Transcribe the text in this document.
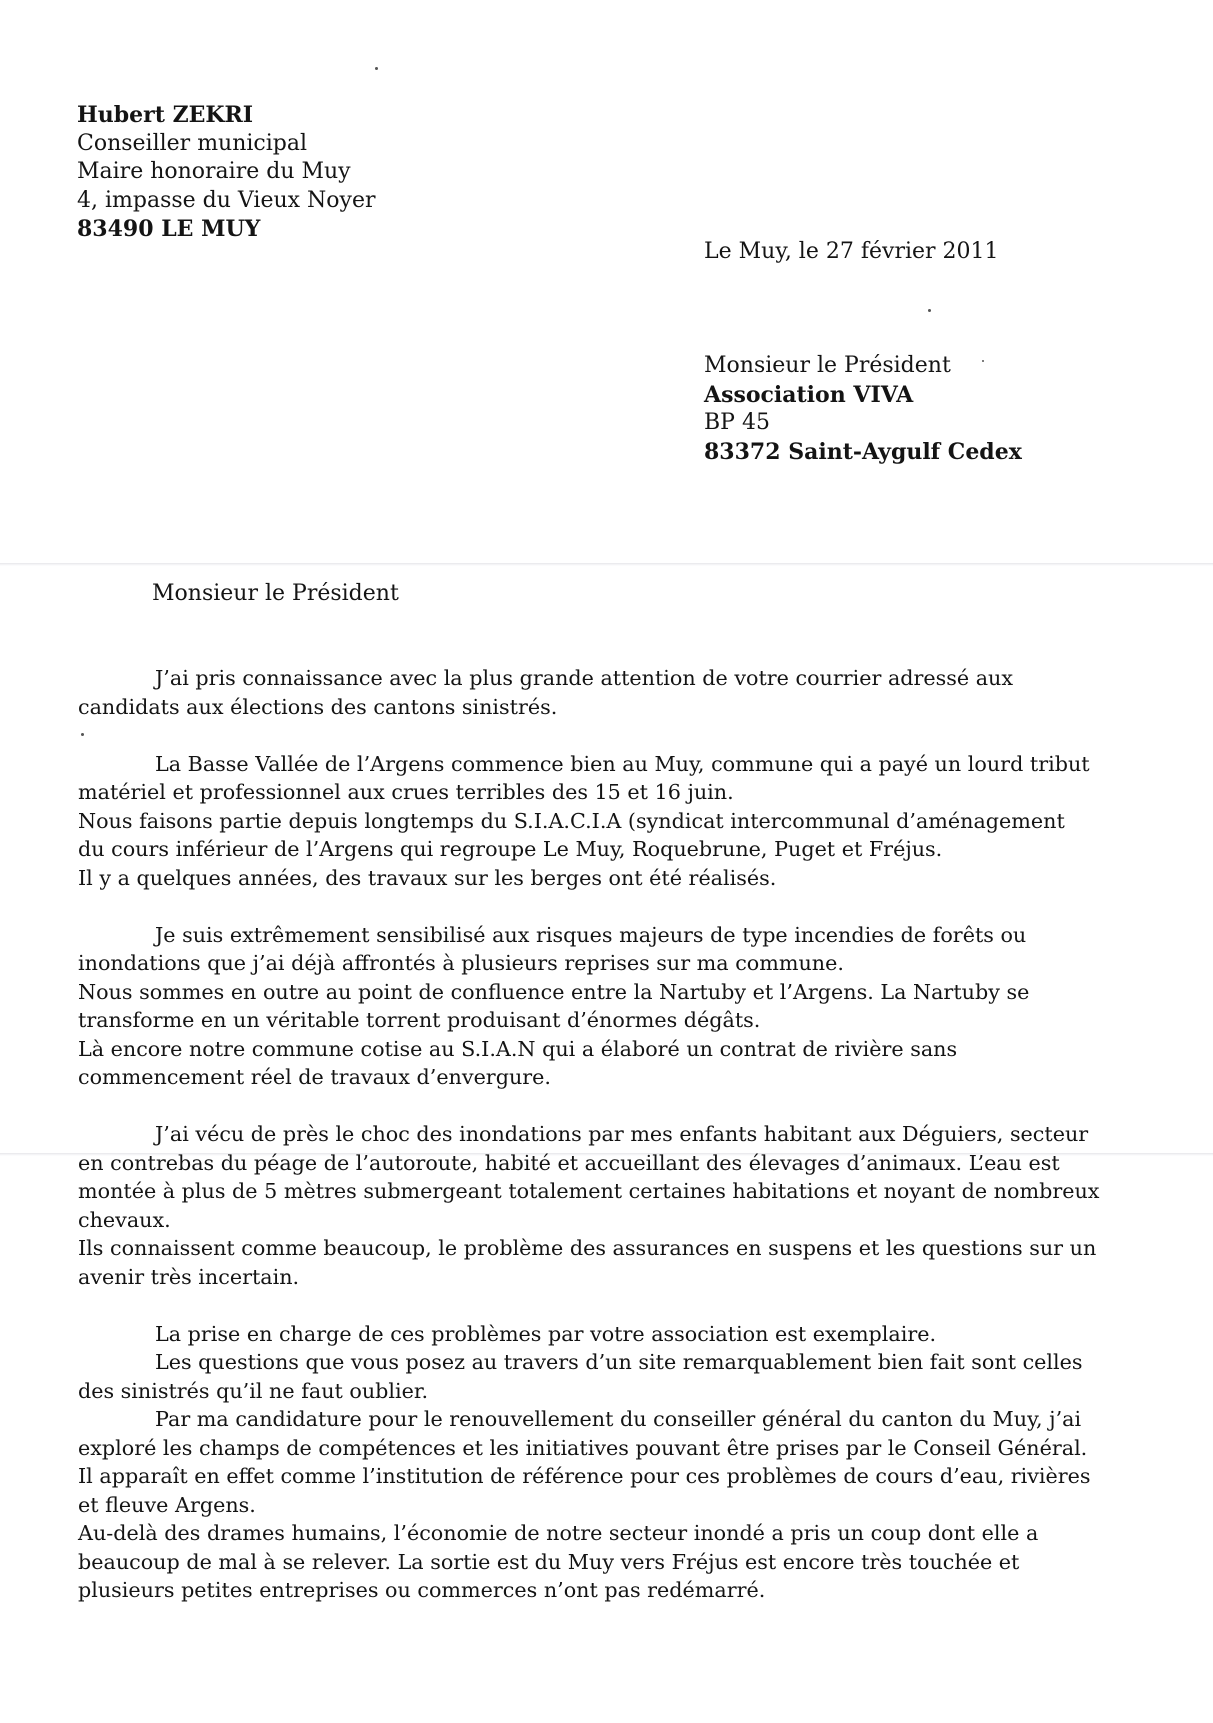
Hubert ZEKRI
Conseiller municipal
Maire honoraire du Muy
4, impasse du Vieux Noyer
83490 LE MUY
Le Muy, le 27 février 2011
Monsieur le Président
Association VIVA
BP 45
83372 Saint-Aygulf Cedex
Monsieur le Président

J’ai pris connaissance avec la plus grande attention de votre courrier adressé aux

candidats aux élections des cantons sinistrés.

La Basse Vallée de l’Argens commence bien au Muy, commune qui a payé un lourd tribut

matériel et professionnel aux crues terribles des 15 et 16 juin.

Nous faisons partie depuis longtemps du S.I.A.C.I.A (syndicat intercommunal d’aménagement

du cours inférieur de l’Argens qui regroupe Le Muy, Roquebrune, Puget et Fréjus.

Il y a quelques années, des travaux sur les berges ont été réalisés.

Je suis extrêmement sensibilisé aux risques majeurs de type incendies de forêts ou

inondations que j’ai déjà affrontés à plusieurs reprises sur ma commune.

Nous sommes en outre au point de confluence entre la Nartuby et l’Argens. La Nartuby se

transforme en un véritable torrent produisant d’énormes dégâts.

Là encore notre commune cotise au S.I.A.N qui a élaboré un contrat de rivière sans

commencement réel de travaux d’envergure.

J’ai vécu de près le choc des inondations par mes enfants habitant aux Déguiers, secteur

en contrebas du péage de l’autoroute, habité et accueillant des élevages d’animaux. L’eau est

montée à plus de 5 mètres submergeant totalement certaines habitations et noyant de nombreux

chevaux.

Ils connaissent comme beaucoup, le problème des assurances en suspens et les questions sur un

avenir très incertain.

La prise en charge de ces problèmes par votre association est exemplaire.

Les questions que vous posez au travers d’un site remarquablement bien fait sont celles

des sinistrés qu’il ne faut oublier.

Par ma candidature pour le renouvellement du conseiller général du canton du Muy, j’ai

exploré les champs de compétences et les initiatives pouvant être prises par le Conseil Général.

Il apparaît en effet comme l’institution de référence pour ces problèmes de cours d’eau, rivières

et fleuve Argens.

Au-delà des drames humains, l’économie de notre secteur inondé a pris un coup dont elle a

beaucoup de mal à se relever. La sortie est du Muy vers Fréjus est encore très touchée et

plusieurs petites entreprises ou commerces n’ont pas redémarré.
